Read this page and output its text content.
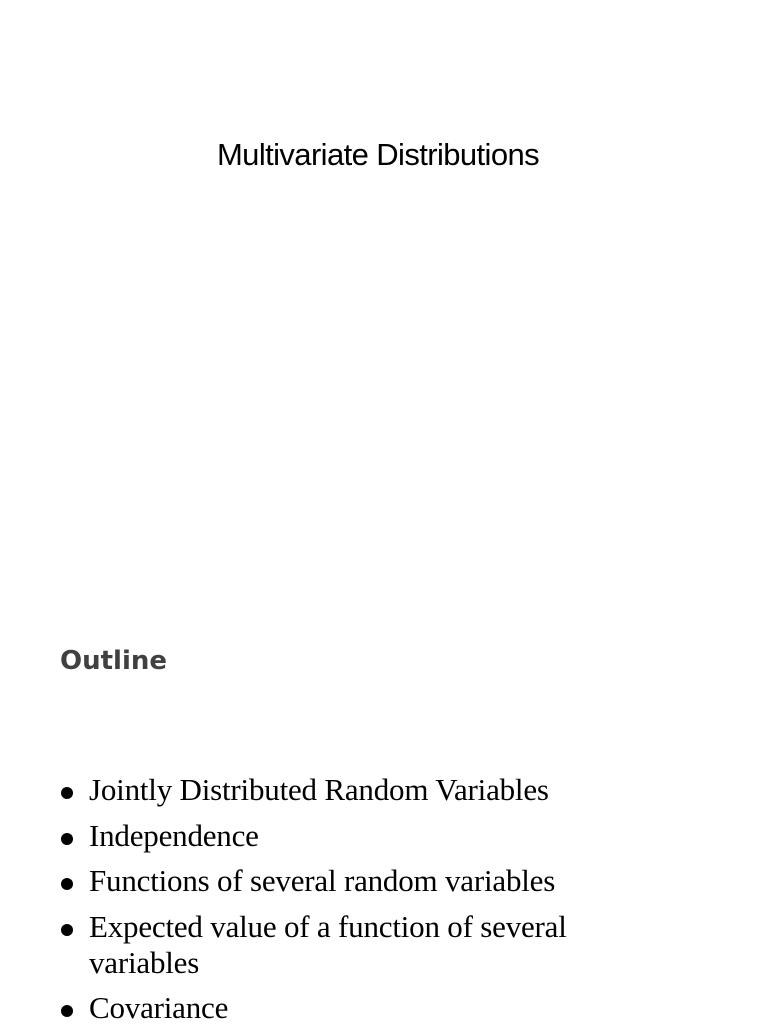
Multivariate Distributions
Outline
Jointly Distributed Random Variables
Independence
Functions of several random variables
Expected value of a function of several variables
Covariance
